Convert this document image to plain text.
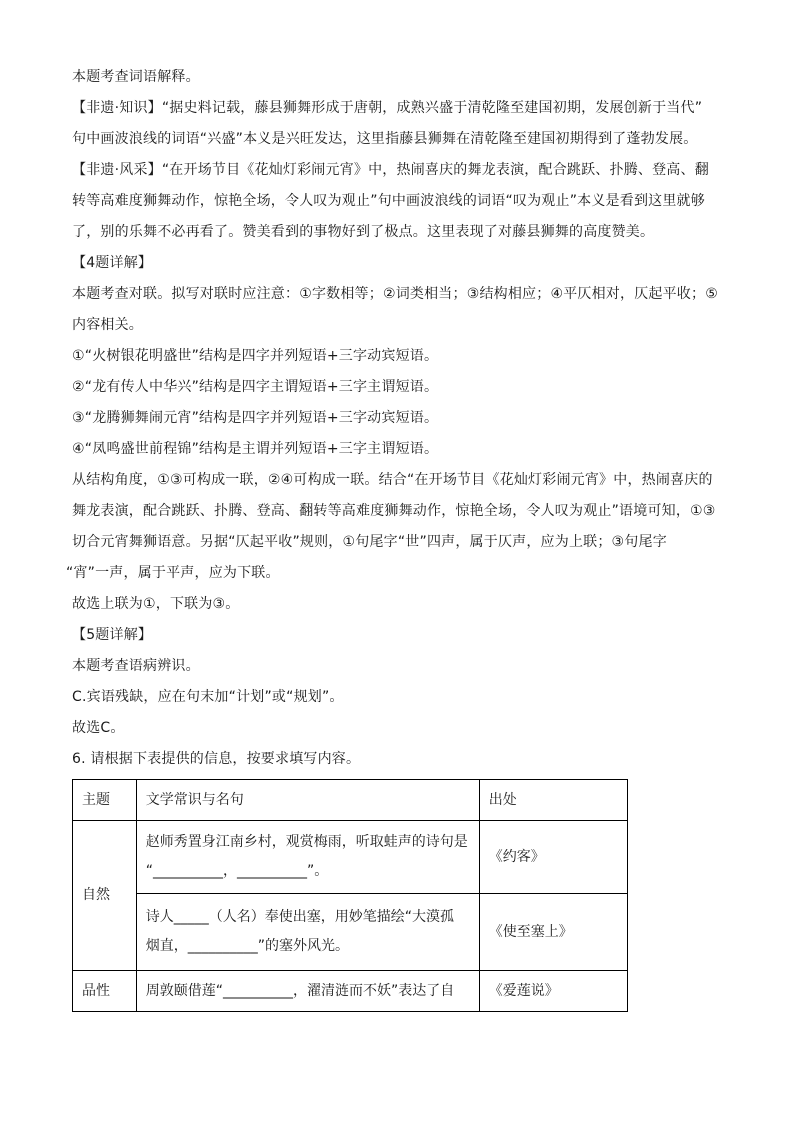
本题考查词语解释。
【非遗·知识】“据史料记载，藤县狮舞形成于唐朝，成熟兴盛于清乾隆至建国初期，发展创新于当代”
句中画波浪线的词语“兴盛”本义是兴旺发达，这里指藤县狮舞在清乾隆至建国初期得到了蓬勃发展。
【非遗·风采】“在开场节目《花灿灯彩闹元宵》中，热闹喜庆的舞龙表演，配合跳跃、扑腾、登高、翻
转等高难度狮舞动作，惊艳全场，令人叹为观止”句中画波浪线的词语“叹为观止”本义是看到这里就够
了，别的乐舞不必再看了。赞美看到的事物好到了极点。这里表现了对藤县狮舞的高度赞美。
【4题详解】
本题考查对联。拟写对联时应注意：①字数相等；②词类相当；③结构相应；④平仄相对，仄起平收；⑤
内容相关。
①“火树银花明盛世”结构是四字并列短语+三字动宾短语。
②“龙有传人中华兴”结构是四字主谓短语+三字主谓短语。
③“龙腾狮舞闹元宵”结构是四字并列短语+三字动宾短语。
④“凤鸣盛世前程锦”结构是主谓并列短语+三字主谓短语。
从结构角度，①③可构成一联，②④可构成一联。结合“在开场节目《花灿灯彩闹元宵》中，热闹喜庆的
舞龙表演，配合跳跃、扑腾、登高、翻转等高难度狮舞动作，惊艳全场，令人叹为观止”语境可知，①③
切合元宵舞狮语意。另据“仄起平收”规则，①句尾字“世”四声，属于仄声，应为上联；③句尾字
“宵”一声，属于平声，应为下联。
故选上联为①，下联为③。
【5题详解】
本题考查语病辨识。
C.宾语残缺，应在句末加“计划”或“规划”。
故选C。
6. 请根据下表提供的信息，按要求填写内容。
主题	文学常识与名句	出处
自然	赵师秀置身江南乡村，观赏梅雨，听取蛙声的诗句是
“__________，__________”。	《约客》

	诗人_____（人名）奉使出塞，用妙笔描绘“大漠孤
烟直，__________”的塞外风光。	《使至塞上》
品性	周敦颐借莲“__________，濯清涟而不妖”表达了自	《爱莲说》
